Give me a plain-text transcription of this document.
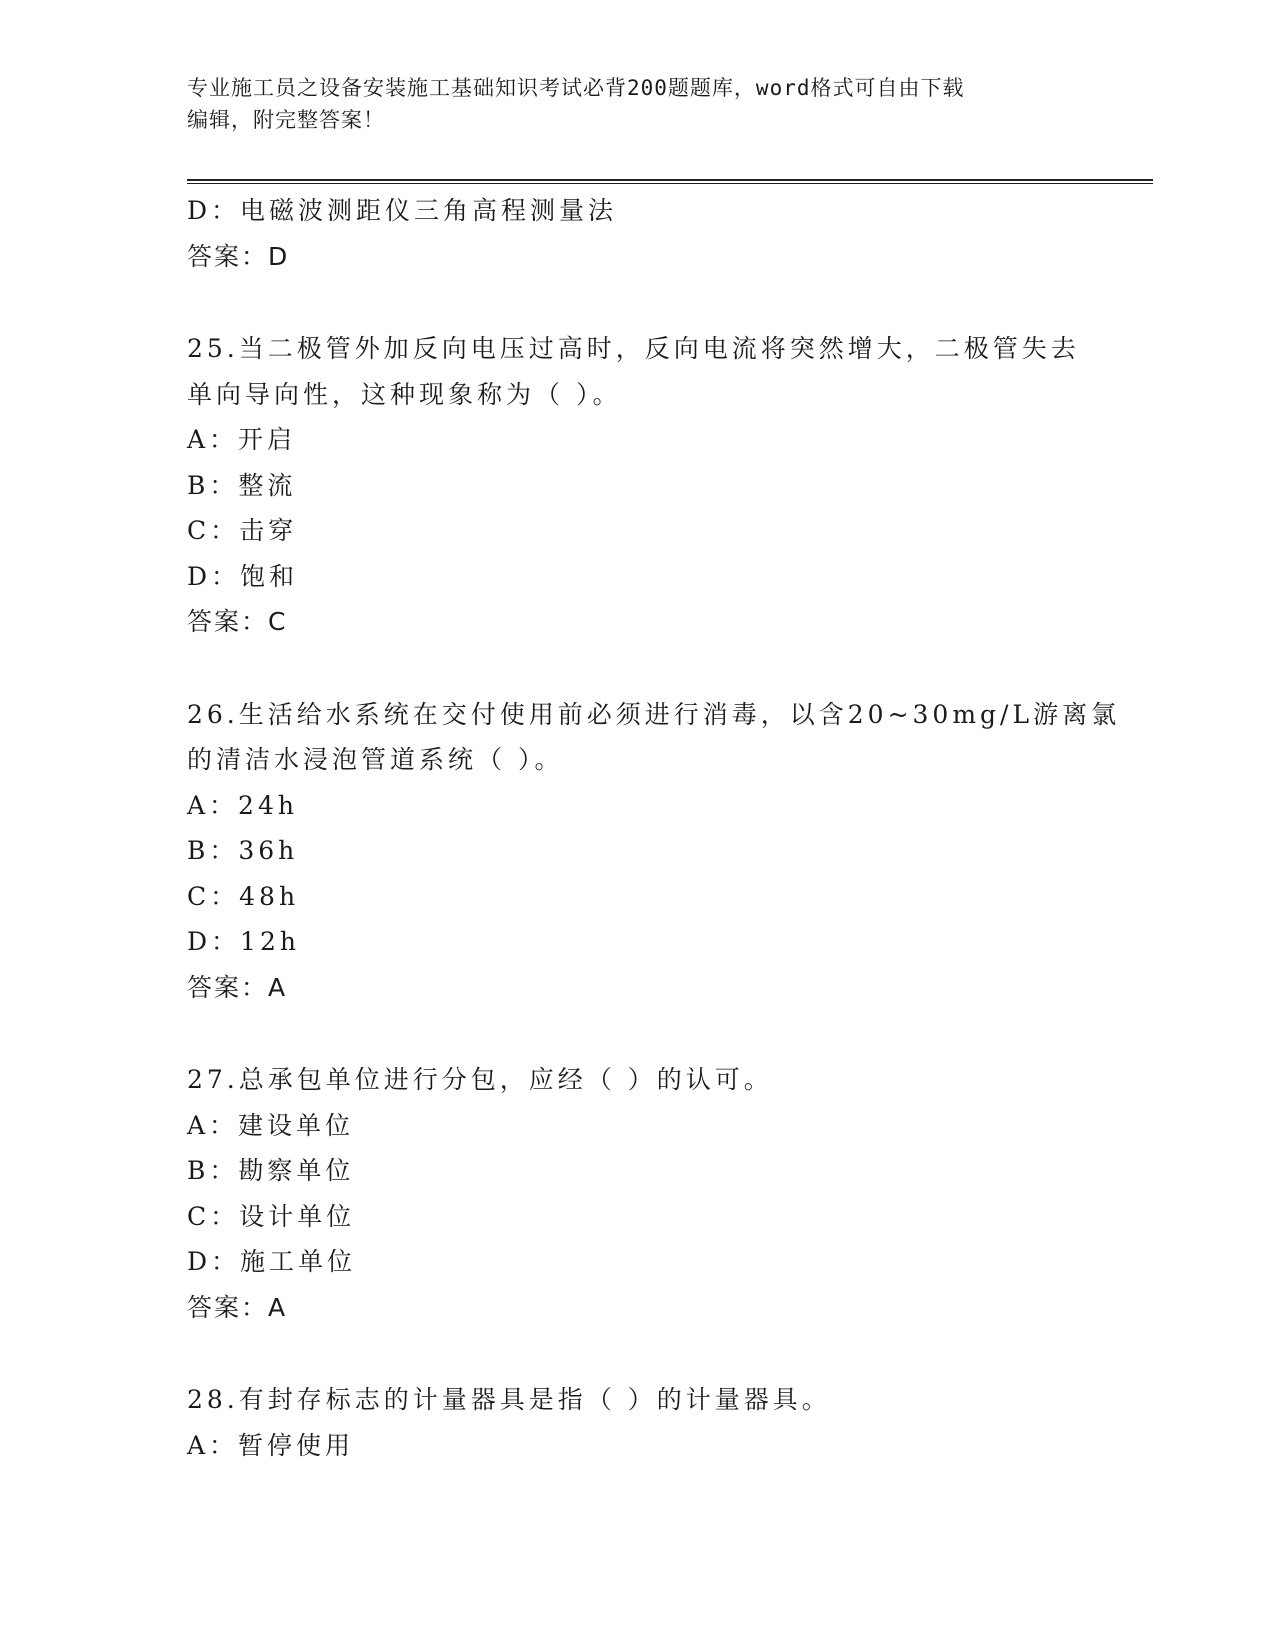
专业施工员之设备安装施工基础知识考试必背200题题库，word格式可自由下载
编辑，附完整答案！
D：电磁波测距仪三角高程测量法
答案：D
25.当二极管外加反向电压过高时，反向电流将突然增大，二极管失去
单向导向性，这种现象称为（ ）。
A：开启
B：整流
C：击穿
D：饱和
答案：C
26.生活给水系统在交付使用前必须进行消毒，以含20~30mg/L游离氯
的清洁水浸泡管道系统（ ）。
A：24h
B：36h
C：48h
D：12h
答案：A
27.总承包单位进行分包，应经（ ）的认可。
A：建设单位
B：勘察单位
C：设计单位
D：施工单位
答案：A
28.有封存标志的计量器具是指（ ）的计量器具。
A：暂停使用
